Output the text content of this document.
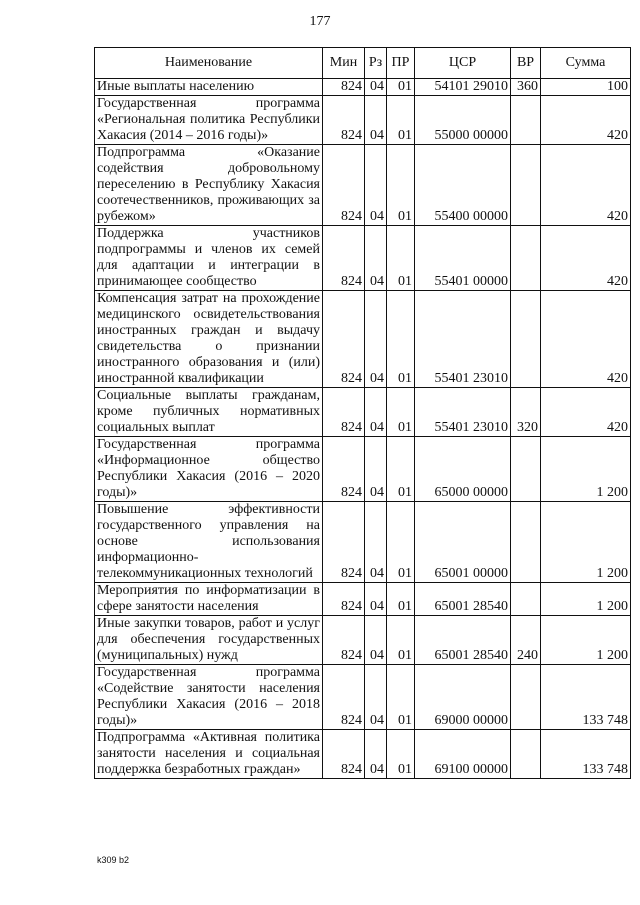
177
Наименование	Мин	Рз	ПР	ЦСР	ВР	Сумма
Иные выплаты населению	824	04	01	54101 29010	360	100
Государственная программа «Региональная политика Республики Хакасия (2014 – 2016 годы)»	824	04	01	55000 00000		420
Подпрограмма «Оказание содействия добровольному переселению в Республику Хакасия соотечественников, проживающих за рубежом»	824	04	01	55400 00000		420
Поддержка участников подпрограммы и членов их семей для адаптации и интеграции в принимающее сообщество	824	04	01	55401 00000		420
Компенсация затрат на прохождение медицинского освидетельствования иностранных граждан и выдачу свидетельства о признании иностранного образования и (или) иностранной квалификации	824	04	01	55401 23010		420
Социальные выплаты гражданам, кроме публичных нормативных социальных выплат	824	04	01	55401 23010	320	420
Государственная программа «Информационное общество Республики Хакасия (2016 – 2020 годы)»	824	04	01	65000 00000		1 200
Повышение эффективности государственного управления на основе использования информационно-телекоммуникационных технологий	824	04	01	65001 00000		1 200
Мероприятия по информатизации в сфере занятости населения	824	04	01	65001 28540		1 200
Иные закупки товаров, работ и услуг для обеспечения государственных (муниципальных) нужд	824	04	01	65001 28540	240	1 200
Государственная программа «Содействие занятости населения Республики Хакасия (2016 – 2018 годы)»	824	04	01	69000 00000		133 748
Подпрограмма «Активная политика занятости населения и социальная поддержка безработных граждан»	824	04	01	69100 00000		133 748
k309 b2
